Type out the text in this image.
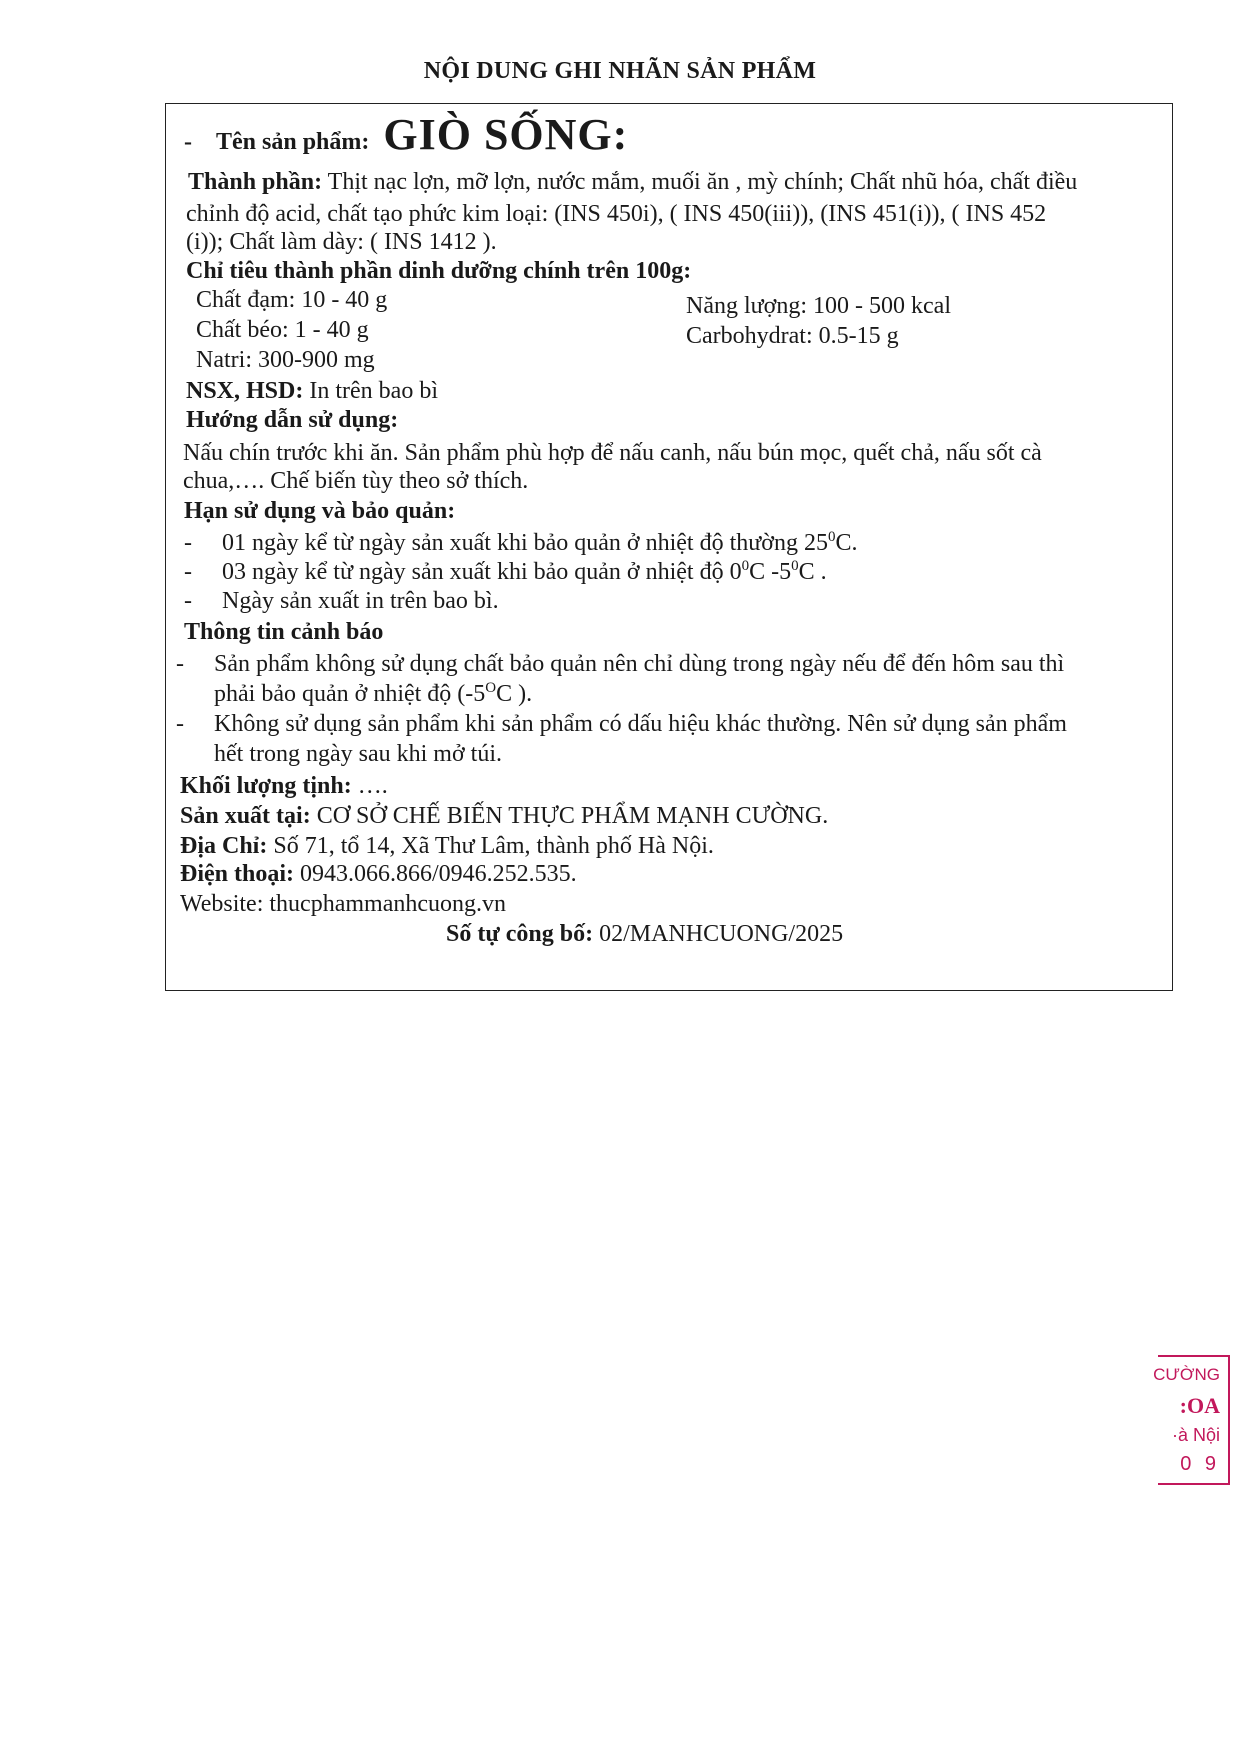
NỘI DUNG GHI NHÃN SẢN PHẨM
- Tên sản phẩm: GIÒ SỐNG:
Thành phần: Thịt nạc lợn, mỡ lợn, nước mắm, muối ăn , mỳ chính; Chất nhũ hóa, chất điều
chỉnh độ acid, chất tạo phức kim loại: (INS 450i), ( INS 450(iii)), (INS 451(i)), ( INS 452
(i)); Chất làm dày: ( INS 1412 ).
Chỉ tiêu thành phần dinh dưỡng chính trên 100g:
Chất đạm: 10 - 40 g	Năng lượng: 100 - 500 kcal
Chất béo: 1 - 40 g	Carbohydrat: 0.5-15 g
Natri: 300-900 mg
NSX, HSD: In trên bao bì
Hướng dẫn sử dụng:
Nấu chín trước khi ăn. Sản phẩm phù hợp để nấu canh, nấu bún mọc, quết chả, nấu sốt cà
chua,…. Chế biến tùy theo sở thích.
Hạn sử dụng và bảo quản:
- 01 ngày kể từ ngày sản xuất khi bảo quản ở nhiệt độ thường $25^0C$.
- 03 ngày kể từ ngày sản xuất khi bảo quản ở nhiệt độ $0^0C$ $-5^0C$ .
- Ngày sản xuất in trên bao bì.
Thông tin cảnh báo
- Sản phẩm không sử dụng chất bảo quản nên chỉ dùng trong ngày nếu để đến hôm sau thì
phải bảo quản ở nhiệt độ ($-5^OC$ ).
- Không sử dụng sản phẩm khi sản phẩm có dấu hiệu khác thường. Nên sử dụng sản phẩm
hết trong ngày sau khi mở túi.
Khối lượng tịnh: ….
Sản xuất tại: CƠ SỞ CHẾ BIẾN THỰC PHẨM MẠNH CƯỜNG.
Địa Chỉ: Số 71, tổ 14, Xã Thư Lâm, thành phố Hà Nội.
Điện thoại: 0943.066.866/0946.252.535.
Website: thucphammanhcuong.vn
Số tự công bố: 02/MANHCUONG/2025
CƯỜNG
:OA
·à Nội
0 9
